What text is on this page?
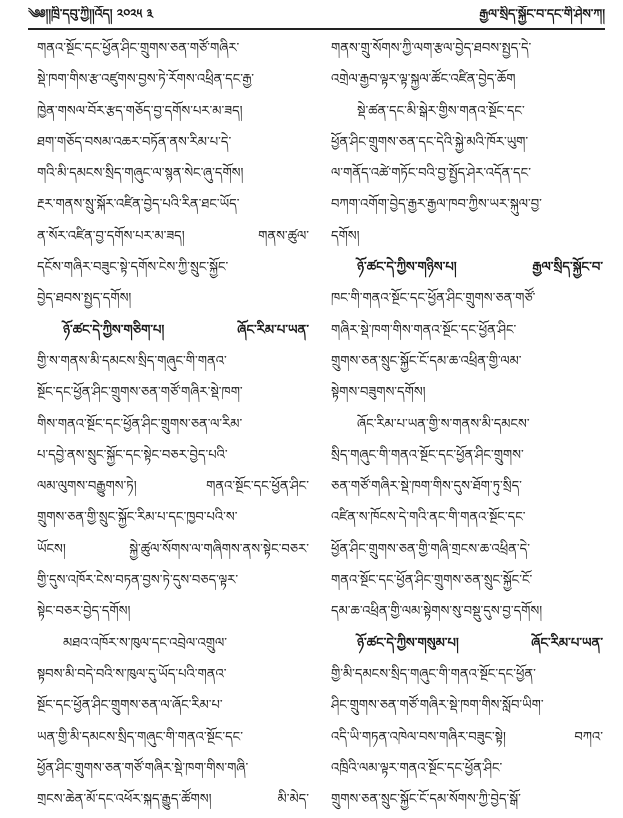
༄༅།།ཁྲི་དབུ་ཀྱི།།འོད། ༢༠༢༥ ༣	རྒྱལ་སྲིད་སྐྱོང་བ་དང་གི་ཤེས་ཀ།
གནའ་སྔོང་དང་ཕྱོན་ཤིང་གྲུགས་ཅན་གཙོ་གཞིར་
སྡེ་ཁག་གིས་རྩ་འཛུགས་བྱས་ཏེ་རོགས་འཕྲིན་དང་རྒྱ་
ཁྱེན་གསལ་བོར་རྩད་གཅོད་བྱ་དགོས་པར་མ་ཟད།
ཐག་གཅོད་བསམ་འཆར་བཏོན་ནས་རིམ་པ་དེ་
གའི་མི་དམངས་སྲིད་གཞུང་ལ་སྙན་སེང་ཞུ་དགོས།
རྔར་གནས་སྲུ་སྐོར་འཛིན་བྱེད་པའི་རིན་ཐང་ཡོད་
ན་སོར་འཛིན་བྱ་དགོས་པར་མ་ཟད། གནས་ཚུལ་
དངོས་གཞིར་བཟུང་སྟེ་དགོས་ངེས་ཀྱི་སྲུང་སྐྱོང་
བྱེད་ཐབས་སྤྱད་དགོས།
ཉོ་ཚང་དེ་ཀྱིས་གཅིག་པ། ཞོང་རིམ་པ་ཡན་
གྱི་ས་གནས་མི་དམངས་སྲིད་གཞུང་གི་གནའ་
སྔོང་དང་ཕྱོན་ཤིང་གྲུགས་ཅན་གཙོ་གཞིར་སྡེ་ཁག་
གིས་གནའ་སྔོང་དང་ཕྱོན་ཤིང་གྲུགས་ཅན་ལ་རིམ་
པ་དབྱེ་ནས་སྲུང་སྐྱོང་དང་སྟེང་བཅར་བྱེད་པའི་
ལམ་ལུགས་བརྒྱུགས་ཏེ། གནའ་སྔོང་དང་ཕྱོན་ཤིང་
གྲུགས་ཅན་གྱི་སྲུང་སྐྱོང་རིམ་པ་དང་ཁྱབ་པའི་ས་
ཡོངས། སྐྱེ་ཚུལ་སོགས་ལ་གཞིགས་ནས་སྟེང་བཅར་
གྱི་དུས་འཁོར་ངེས་བཏན་བྱས་ཏེ་དུས་བཅད་ལྟར་
སྟེང་བཅར་བྱེད་དགོས།
མཐའ་འཁོར་ས་ཁུལ་དང་འབྲེལ་འགྲུལ་
སྟབས་མི་བདེ་བའི་ས་ཁུལ་དུ་ཡོད་པའི་གནའ་
སྔོང་དང་ཕྱོན་ཤིང་གྲུགས་ཅན་ལ་ཞོང་རིམ་པ་
ཡན་གྱི་མི་དམངས་སྲིད་གཞུང་གི་གནའ་སྔོང་དང་
ཕྱོན་ཤིང་གྲུགས་ཅན་གཙོ་གཞིར་སྡེ་ཁག་གིས་གཞི་
གྲངས་ཆེན་མོ་དང་འཕོར་སྐད་རྒྱུད་ཚོགས། མི་མེད་
གནས་གྲུ་སོགས་ཀྱི་ལག་རྩལ་བྱེད་ཐབས་སྤྱད་དེ་
འགྲེལ་རྒྱབ་ལྟར་ལྟ་སྐྱལ་ཚོང་འཛིན་བྱེད་ཆོག
སྡེ་ཚན་དང་མི་སྒེར་གྱིས་གནའ་སྔོང་དང་
ཕྱོན་ཤིང་གྲུགས་ཅན་དང་དེའི་སྐྱེ་མའི་ཁོར་ཡུག་
ལ་གནོད་འཚེ་གཏོང་བའི་བྱ་སྤྱོད་ཤེར་འདོན་དང་
བཀག་འགོག་བྱེད་རྒྱར་རྒྱལ་ཁབ་ཀྱིས་ཡར་སྐུལ་བྱ་
དགོས།
ཉོ་ཚང་དེ་ཀྱིས་གཉིས་པ། རྒྱལ་སྲིད་སྐྱོང་བ་
ཁང་གི་གནའ་སྔོང་དང་ཕྱོན་ཤིང་གྲུགས་ཅན་གཙོ་
གཞིར་སྡེ་ཁག་གིས་གནའ་སྔོང་དང་ཕྱོན་ཤིང་
གྲུགས་ཅན་སྲུང་སྐྱོང་ངོ་དམ་ཆ་འཕྲིན་གྱི་ལམ་
སྟེགས་བཟུགས་དགོས།
ཞོང་རིམ་པ་ཡན་གྱི་ས་གནས་མི་དམངས་
སྲིད་གཞུང་གི་གནའ་སྔོང་དང་ཕྱོན་ཤིང་གྲུགས་
ཅན་གཙོ་གཞིར་སྡེ་ཁག་གིས་དུས་ཐོག་ཏུ་སྲིད་
འཛིན་ས་ཁོངས་དེ་གའི་ནང་གི་གནའ་སྔོང་དང་
ཕྱོན་ཤིང་གྲུགས་ཅན་གྱི་གཞི་གྲངས་ཆ་འཕྲིན་དེ་
གནའ་སྔོང་དང་ཕྱོན་ཤིང་གྲུགས་ཅན་སྲུང་སྐྱོང་ངོ་
དམ་ཆ་འཕྲིན་གྱི་ལམ་སྟེགས་སུ་བསྡུ་དུས་བྱ་དགོས།
ཉོ་ཚང་དེ་ཀྱིས་གསུམ་པ། ཞོང་རིམ་པ་ཡན་
གྱི་མི་དམངས་སྲིད་གཞུང་གི་གནའ་སྔོང་དང་ཕྱོན་
ཤིང་གྲུགས་ཅན་གཙོ་གཞིར་སྡེ་ཁག་གིས་སློབ་ཡིག་
འདི་ཡི་གཏན་འཁེལ་བས་གཞིར་བཟུང་སྟེ། བཀའ་
འཁྲིའི་ལམ་ལྟར་གནའ་སྔོང་དང་ཕྱོན་ཤིང་
གྲུགས་ཅན་སྲུང་སྐྱོང་ངོ་དམ་སོགས་ཀྱི་བྱེད་སྒོ་
